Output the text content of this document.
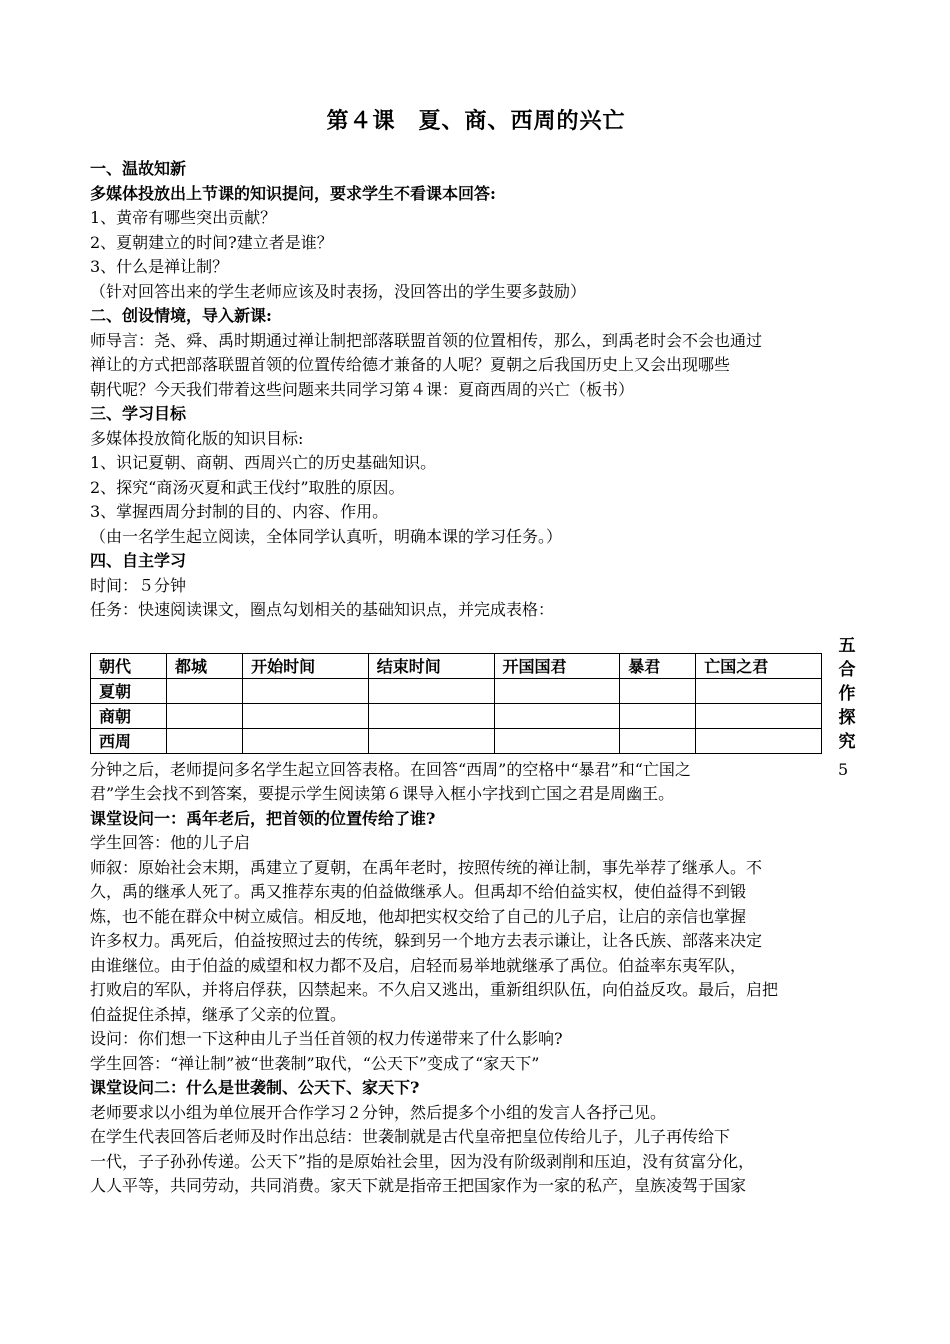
第４课　夏、商、西周的兴亡

一、温故知新

多媒体投放出上节课的知识提问，要求学生不看课本回答:

1、黄帝有哪些突出贡献？

2、夏朝建立的时间?建立者是谁？

3、什么是禅让制？

（针对回答出来的学生老师应该及时表扬，没回答出的学生要多鼓励）

二、创设情境，导入新课:

师导言：尧、舜、禹时期通过禅让制把部落联盟首领的位置相传，那么，到禹老时会不会也通过

禅让的方式把部落联盟首领的位置传给德才兼备的人呢？夏朝之后我国历史上又会出现哪些

朝代呢？今天我们带着这些问题来共同学习第４课：夏商西周的兴亡（板书）

三、学习目标

多媒体投放简化版的知识目标:

1、识记夏朝、商朝、西周兴亡的历史基础知识。

2、探究“商汤灭夏和武王伐纣”取胜的原因。

3、掌握西周分封制的目的、内容、作用。

（由一名学生起立阅读，全体同学认真听，明确本课的学习任务。）

四、自主学习

时间：５分钟

任务：快速阅读课文，圈点勾划相关的基础知识点，并完成表格：

朝代	都城	开始时间	结束时间	开国国君	暴君	亡国之君
夏朝						
商朝						
西周						

分钟之后，老师提问多名学生起立回答表格。在回答“西周”的空格中“暴君”和“亡国之

君”学生会找不到答案，要提示学生阅读第６课导入框小字找到亡国之君是周幽王。

课堂设问一：禹年老后，把首领的位置传给了谁?

学生回答：他的儿子启

师叙：原始社会末期，禹建立了夏朝，在禹年老时，按照传统的禅让制，事先举荐了继承人。不

久，禹的继承人死了。禹又推荐东夷的伯益做继承人。但禹却不给伯益实权，使伯益得不到锻

炼，也不能在群众中树立威信。相反地，他却把实权交给了自己的儿子启，让启的亲信也掌握

许多权力。禹死后，伯益按照过去的传统，躲到另一个地方去表示谦让，让各氏族、部落来决定

由谁继位。由于伯益的威望和权力都不及启，启轻而易举地就继承了禹位。伯益率东夷军队，

打败启的军队，并将启俘获，囚禁起来。不久启又逃出，重新组织队伍，向伯益反攻。最后，启把

伯益捉住杀掉，继承了父亲的位置。

设问：你们想一下这种由儿子当任首领的权力传递带来了什么影响?

学生回答：“禅让制”被“世袭制”取代，“公天下”变成了“家天下”

课堂设问二：什么是世袭制、公天下、家天下?

老师要求以小组为单位展开合作学习２分钟，然后提多个小组的发言人各抒己见。

在学生代表回答后老师及时作出总结：世袭制就是古代皇帝把皇位传给儿子，儿子再传给下

一代，子子孙孙传递。公天下”指的是原始社会里，因为没有阶级剥削和压迫，没有贫富分化，

人人平等，共同劳动，共同消费。家天下就是指帝王把国家作为一家的私产，皇族凌驾于国家

五
合
作
探
究
5
